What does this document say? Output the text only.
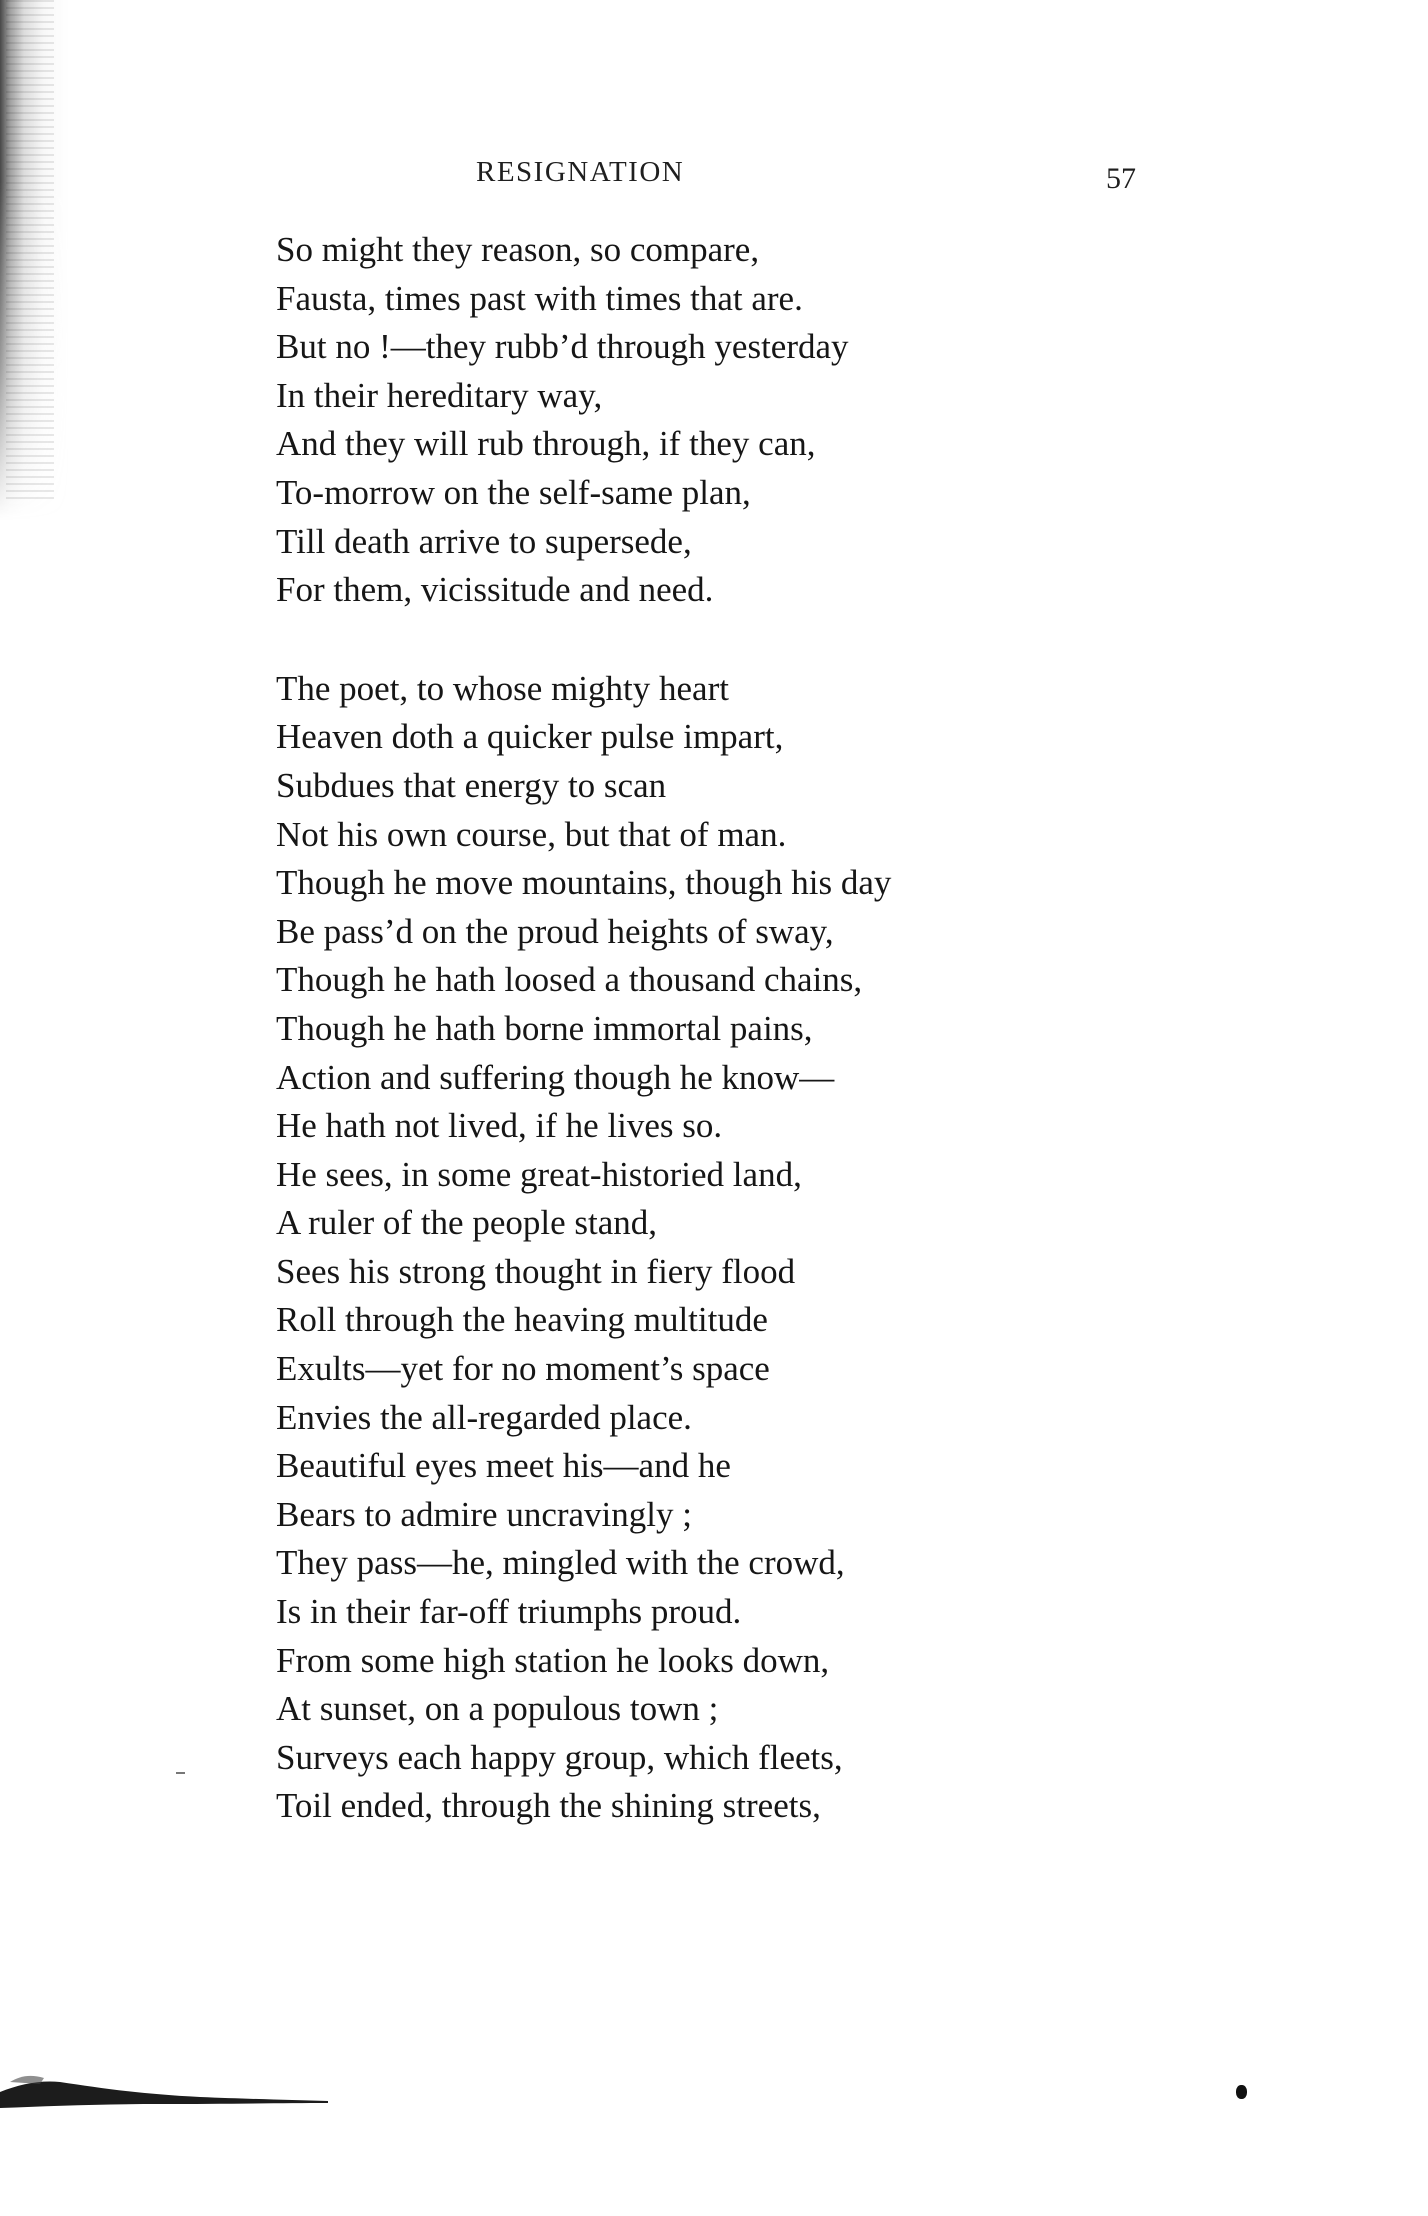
RESIGNATION	57
So might they reason, so compare,
Fausta, times past with times that are.
But no !—they rubb’d through yesterday
In their hereditary way,
And they will rub through, if they can,
To-morrow on the self-same plan,
Till death arrive to supersede,
For them, vicissitude and need.
The poet, to whose mighty heart
Heaven doth a quicker pulse impart,
Subdues that energy to scan
Not his own course, but that of man.
Though he move mountains, though his day
Be pass’d on the proud heights of sway,
Though he hath loosed a thousand chains,
Though he hath borne immortal pains,
Action and suffering though he know—
He hath not lived, if he lives so.
He sees, in some great-historied land,
A ruler of the people stand,
Sees his strong thought in fiery flood
Roll through the heaving multitude
Exults—yet for no moment’s space
Envies the all-regarded place.
Beautiful eyes meet his—and he
Bears to admire uncravingly ;
They pass—he, mingled with the crowd,
Is in their far-off triumphs proud.
From some high station he looks down,
At sunset, on a populous town ;
Surveys each happy group, which fleets,
Toil ended, through the shining streets,
